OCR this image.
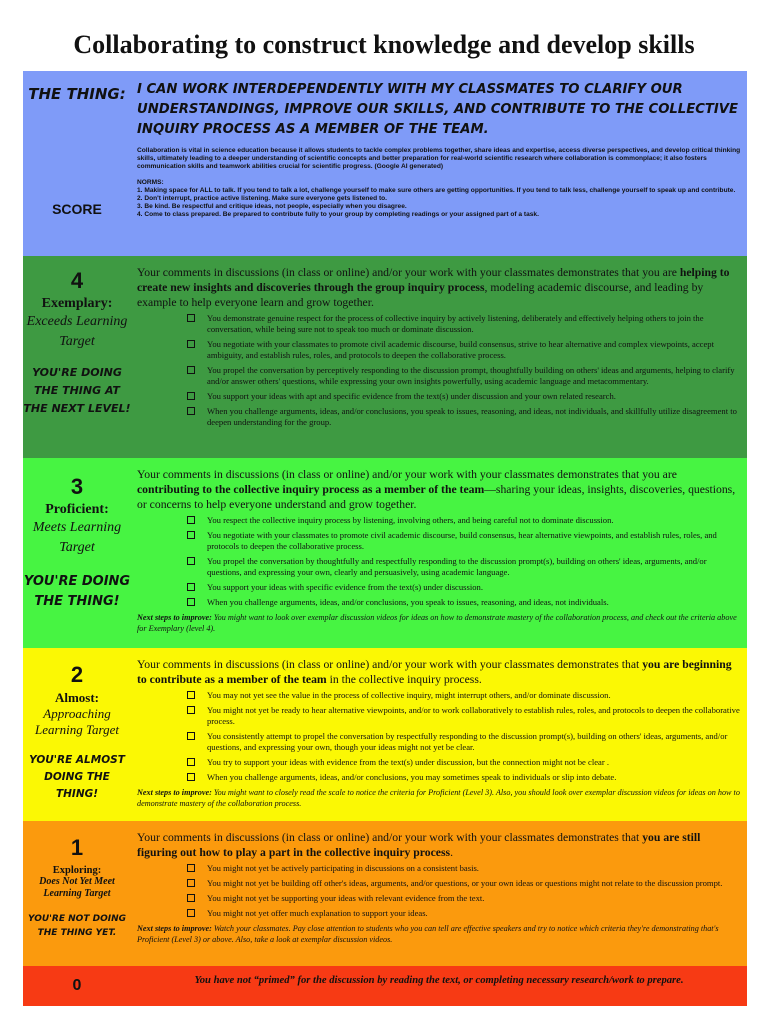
Collaborating to construct knowledge and develop skills
THE THING:
SCORE
I CAN WORK INTERDEPENDENTLY WITH MY CLASSMATES TO CLARIFY OUR UNDERSTANDINGS, IMPROVE OUR SKILLS, AND CONTRIBUTE TO THE COLLECTIVE INQUIRY PROCESS AS A MEMBER OF THE TEAM.
Collaboration is vital in science education because it allows students to tackle complex problems together, share ideas and expertise, access diverse perspectives, and develop critical thinking skills, ultimately leading to a deeper understanding of scientific concepts and better preparation for real-world scientific research where collaboration is commonplace; it also fosters communication skills and teamwork abilities crucial for scientific progress. (Google AI generated)
NORMS:
1. Making space for ALL to talk. If you tend to talk a lot, challenge yourself to make sure others are getting opportunities. If you tend to talk less, challenge yourself to speak up and contribute.
2. Don't interrupt, practice active listening. Make sure everyone gets listened to.
3. Be kind. Be respectful and critique ideas, not people, especially when you disagree.
4. Come to class prepared. Be prepared to contribute fully to your group by completing readings or your assigned part of a task.
4
Exemplary:
Exceeds Learning Target
YOU'RE DOING THE THING AT THE NEXT LEVEL!
Your comments in discussions (in class or online) and/or your work with your classmates demonstrates that you are helping to create new insights and discoveries through the group inquiry process, modeling academic discourse, and leading by example to help everyone learn and grow together.
You demonstrate genuine respect for the process of collective inquiry by actively listening, deliberately and effectively helping others to join the conversation, while being sure not to speak too much or dominate discussion.
You negotiate with your classmates to promote civil academic discourse, build consensus, strive to hear alternative and complex viewpoints, accept ambiguity, and establish rules, roles, and protocols to deepen the collaborative process.
You propel the conversation by perceptively responding to the discussion prompt, thoughtfully building on others' ideas and arguments, helping to clarify and/or answer others' questions, while expressing your own insights powerfully, using academic language and metacommentary.
You support your ideas with apt and specific evidence from the text(s) under discussion and your own related research.
When you challenge arguments, ideas, and/or conclusions, you speak to issues, reasoning, and ideas, not individuals, and skillfully utilize disagreement to deepen understanding for the group.
3
Proficient:
Meets Learning Target
YOU'RE DOING THE THING!
Your comments in discussions (in class or online) and/or your work with your classmates demonstrates that you are contributing to the collective inquiry process as a member of the team—sharing your ideas, insights, discoveries, questions, or concerns to help everyone understand and grow together.
You respect the collective inquiry process by listening, involving others, and being careful not to dominate discussion.
You negotiate with your classmates to promote civil academic discourse, build consensus, hear alternative viewpoints, and establish rules, roles, and protocols to deepen the collaborative process.
You propel the conversation by thoughtfully and respectfully responding to the discussion prompt(s), building on others' ideas, arguments, and/or questions, and expressing your own, clearly and persuasively, using academic language.
You support your ideas with specific evidence from the text(s) under discussion.
When you challenge arguments, ideas, and/or conclusions, you speak to issues, reasoning, and ideas, not individuals.
Next steps to improve: You might want to look over exemplar discussion videos for ideas on how to demonstrate mastery of the collaboration process, and check out the criteria above for Exemplary (level 4).
2
Almost:
Approaching Learning Target
YOU'RE ALMOST DOING THE THING!
Your comments in discussions (in class or online) and/or your work with your classmates demonstrates that you are beginning to contribute as a member of the team in the collective inquiry process.
You may not yet see the value in the process of collective inquiry, might interrupt others, and/or dominate discussion.
You might not yet be ready to hear alternative viewpoints, and/or to work collaboratively to establish rules, roles, and protocols to deepen the collaborative process.
You consistently attempt to propel the conversation by respectfully responding to the discussion prompt(s), building on others' ideas, arguments, and/or questions, and expressing your own, though your ideas might not yet be clear.
You try to support your ideas with evidence from the text(s) under discussion, but the connection might not be clear .
When you challenge arguments, ideas, and/or conclusions, you may sometimes speak to individuals or slip into debate.
Next steps to improve: You might want to closely read the scale to notice the criteria for Proficient (Level 3). Also, you should look over exemplar discussion videos for ideas on how to demonstrate mastery of the collaboration process.
1
Exploring:
Does Not Yet Meet Learning Target
YOU'RE NOT DOING THE THING YET.
Your comments in discussions (in class or online) and/or your work with your classmates demonstrates that you are still figuring out how to play a part in the collective inquiry process.
You might not yet be actively participating in discussions on a consistent basis.
You might not yet be building off other's ideas, arguments, and/or questions, or your own ideas or questions might not relate to the discussion prompt.
You might not yet be supporting your ideas with relevant evidence from the text.
You might not yet offer much explanation to support your ideas.
Next steps to improve: Watch your classmates. Pay close attention to students who you can tell are effective speakers and try to notice which criteria they're demonstrating that's Proficient (Level 3) or above. Also, take a look at exemplar discussion videos.
0	You have not “primed” for the discussion by reading the text, or completing necessary research/work to prepare.
